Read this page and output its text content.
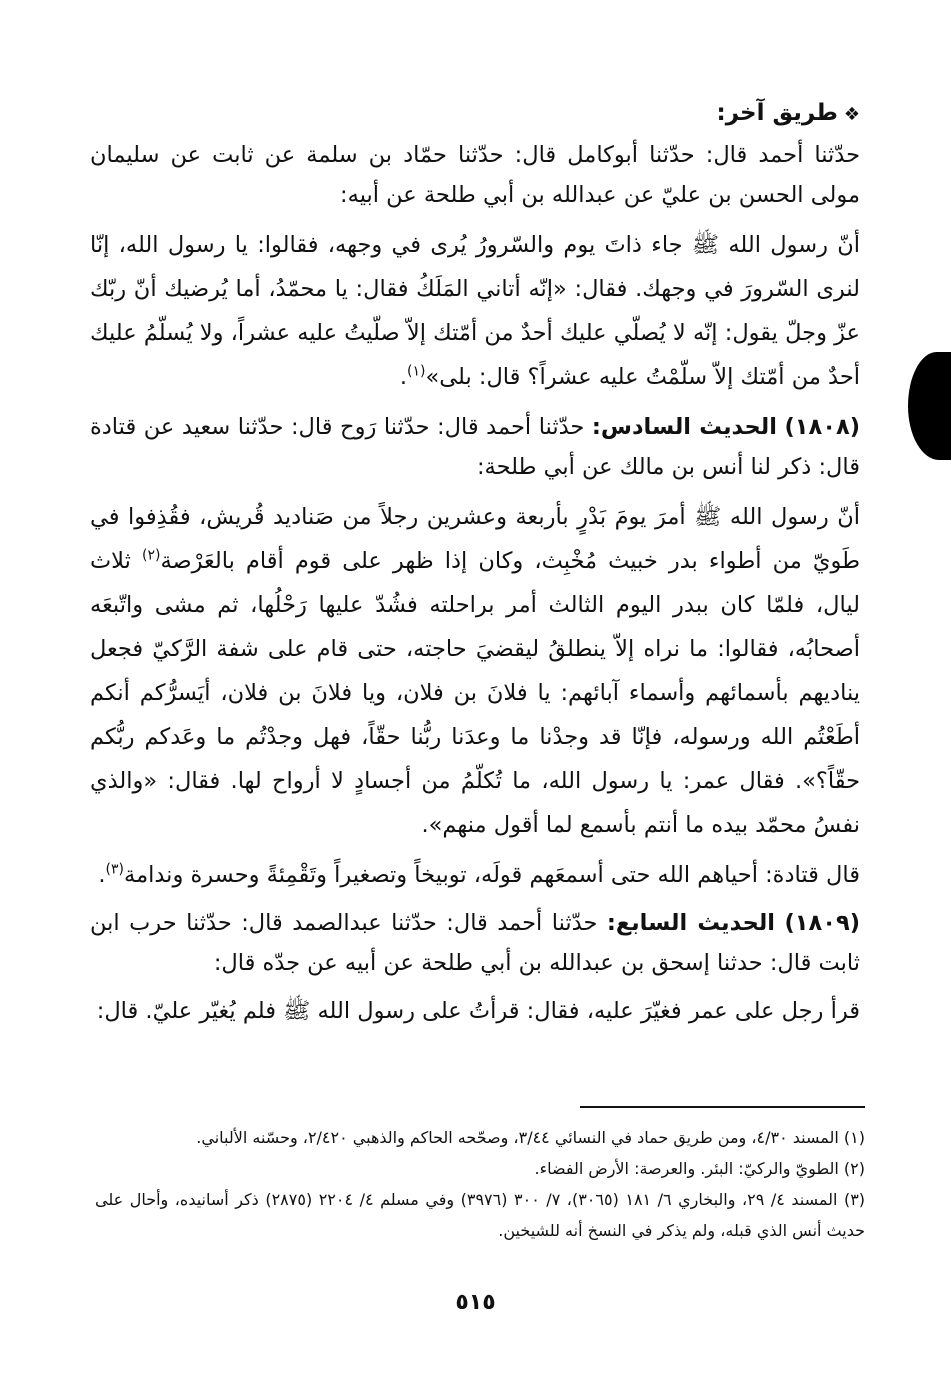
❖طريق آخر:

حدّثنا أحمد قال: حدّثنا أبوكامل قال: حدّثنا حمّاد بن سلمة عن ثابت عن سليمان مولى الحسن بن عليّ عن عبدالله بن أبي طلحة عن أبيه:

أنّ رسول الله ﷺ جاء ذاتَ يوم والسّرورُ يُرى في وجهه، فقالوا: يا رسول الله، إنّا لنرى السّرورَ في وجهك. فقال: «إنّه أتاني المَلَكُ فقال: يا محمّدُ، أما يُرضيك أنّ ربّك عزّ وجلّ يقول: إنّه لا يُصلّي عليك أحدٌ من أمّتك إلاّ صلّيتُ عليه عشراً، ولا يُسلّمُ عليك أحدٌ من أمّتك إلاّ سلّمْتُ عليه عشراً؟ قال: بلى»$^{(١)}$.

(١٨٠٨) الحديث السادس: حدّثنا أحمد قال: حدّثنا رَوح قال: حدّثنا سعيد عن قتادة قال: ذكر لنا أنس بن مالك عن أبي طلحة:

أنّ رسول الله ﷺ أمرَ يومَ بَدْرٍ بأربعة وعشرين رجلاً من صَناديد قُريش، فقُذِفوا في طَويّ من أطواء بدر خبيث مُخْبِث، وكان إذا ظهر على قوم أقام بالعَرْصة$^{(٢)}$ ثلاث ليال، فلمّا كان ببدر اليوم الثالث أمر براحلته فشُدّ عليها رَحْلُها، ثم مشى واتّبعَه أصحابُه، فقالوا: ما نراه إلاّ ينطلقُ ليقضيَ حاجته، حتى قام على شفة الرَّكيّ فجعل يناديهم بأسمائهم وأسماء آبائهم: يا فلانَ بن فلان، ويا فلانَ بن فلان، أيَسرُّكم أنكم أطَعْتُم الله ورسوله، فإنّا قد وجدْنا ما وعدَنا ربُّنا حقّاً، فهل وجدْتُم ما وعَدكم ربُّكم حقّاً؟». فقال عمر: يا رسول الله، ما تُكلّمُ من أجسادٍ لا أرواح لها. فقال: «والذي نفسُ محمّد بيده ما أنتم بأسمع لما أقول منهم».

قال قتادة: أحياهم الله حتى أسمعَهم قولَه، توبيخاً وتصغيراً وتَقْمِئةً وحسرة وندامة$^{(٣)}$.

(١٨٠٩) الحديث السابع: حدّثنا أحمد قال: حدّثنا عبدالصمد قال: حدّثنا حرب ابن ثابت قال: حدثنا إسحق بن عبدالله بن أبي طلحة عن أبيه عن جدّه قال:

قرأ رجل على عمر فغيّرَ عليه، فقال: قرأتُ على رسول الله ﷺ فلم يُغيّر عليّ. قال:

(١) المسند ٤/٣٠، ومن طريق حماد في النسائي ٣/٤٤، وصحّحه الحاكم والذهبي ٢/٤٢٠، وحسّنه الألباني.
(٢) الطويّ والركيّ: البئر. والعرصة: الأرض الفضاء.
(٣) المسند ٤/ ٢٩، والبخاري ٦/ ١٨١ (٣٠٦٥)، ٧/ ٣٠٠ (٣٩٧٦) وفي مسلم ٤/ ٢٢٠٤ (٢٨٧٥) ذكر أسانيده، وأحال على حديث أنس الذي قبله، ولم يذكر في النسخ أنه للشيخين.
٥١٥
